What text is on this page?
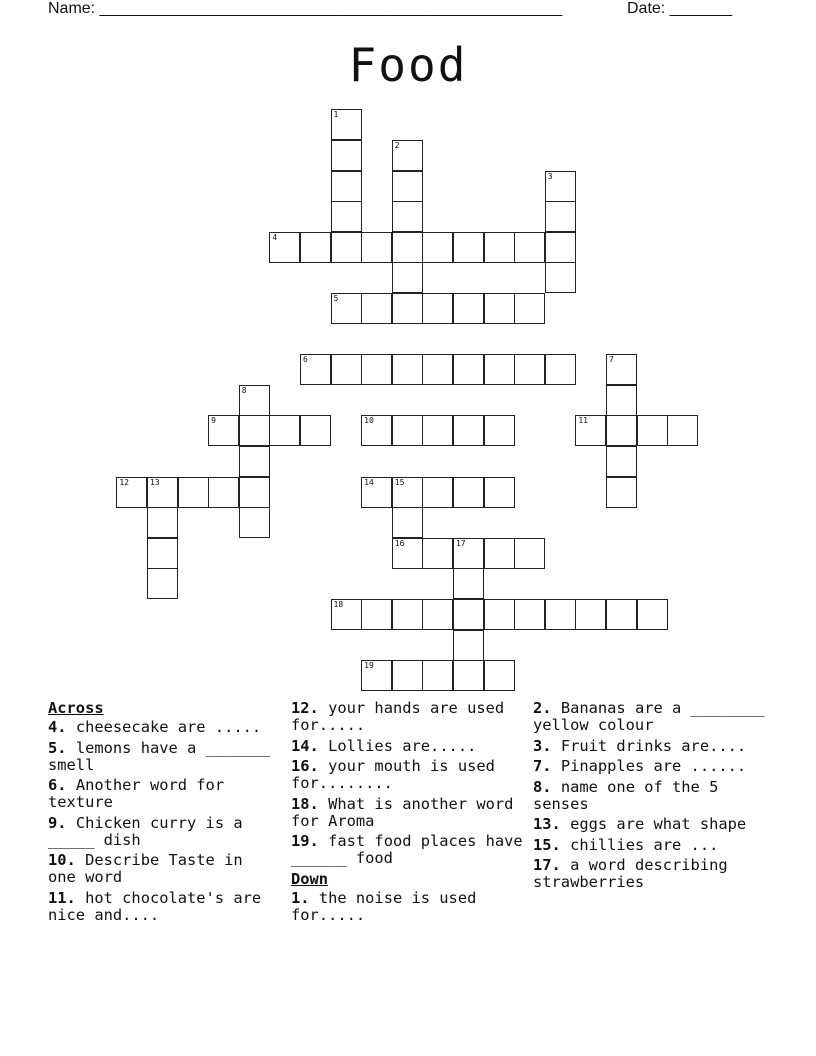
Name: ____________________________________________________	Date: _______
Food
1
2
3
4
5
6	7
8
9	10	11
12	13	14	15
16	17
18
19
Across
4. cheesecake are .....
5. lemons have a _______ smell
6. Another word for texture
9. Chicken curry is a _____ dish
10. Describe Taste in one word
11. hot chocolate's are nice and....
12. your hands are used for.....
14. Lollies are.....
16. your mouth is used for........
18. What is another word for Aroma
19. fast food places have ______ food
Down
1. the noise is used for.....
2. Bananas are a ________ yellow colour
3. Fruit drinks are....
7. Pinapples are ......
8. name one of the 5 senses
13. eggs are what shape
15. chillies are ...
17. a word describing strawberries
